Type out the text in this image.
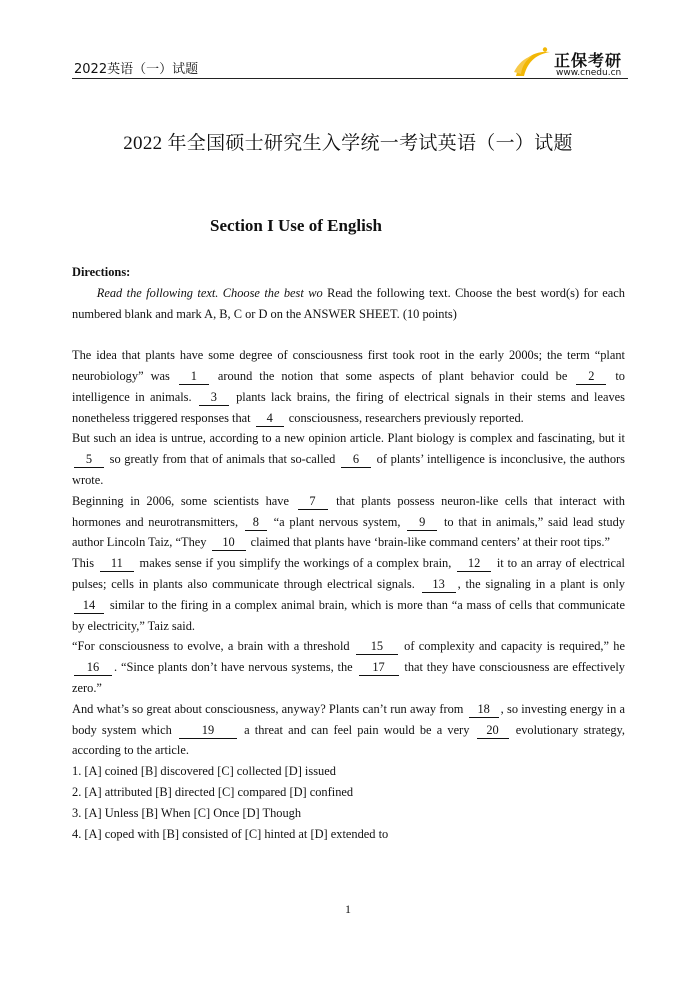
2022英语（一）试题	正保考研
www.cnedu.cn
2022 年全国硕士研究生入学统一考试英语（一）试题
Section I Use of English
Directions:
Read the following text. Choose the best wo Read the following text. Choose the best word(s) for each numbered blank and mark A, B, C or D on the ANSWER SHEET. (10 points)

The idea that plants have some degree of consciousness first took root in the early 2000s; the term “plant neurobiology” was 1 around the notion that some aspects of plant behavior could be 2 to intelligence in animals. 3 plants lack brains, the firing of electrical signals in their stems and leaves nonetheless triggered responses that 4 consciousness, researchers previously reported.

But such an idea is untrue, according to a new opinion article. Plant biology is complex and fascinating, but it 5 so greatly from that of animals that so-called 6 of plants’ intelligence is inconclusive, the authors wrote.

Beginning in 2006, some scientists have 7 that plants possess neuron-like cells that interact with hormones and neurotransmitters, 8 “a plant nervous system, 9 to that in animals,” said lead study author Lincoln Taiz, “They 10 claimed that plants have ‘brain-like command centers’ at their root tips.”

This 11 makes sense if you simplify the workings of a complex brain, 12 it to an array of electrical pulses; cells in plants also communicate through electrical signals. 13 , the signaling in a plant is only 14 similar to the firing in a complex animal brain, which is more than “a mass of cells that communicate by electricity,” Taiz said.

“For consciousness to evolve, a brain with a threshold 15 of complexity and capacity is required,” he 16 . “Since plants don’t have nervous systems, the 17 that they have consciousness are effectively zero.”

And what’s so great about consciousness, anyway? Plants can’t run away from 18 , so investing energy in a body system which 19 a threat and can feel pain would be a very 20 evolutionary strategy, according to the article.

1. [A] coined [B] discovered [C] collected [D] issued

2. [A] attributed [B] directed [C] compared [D] confined

3. [A] Unless [B] When [C] Once [D] Though

4. [A] coped with [B] consisted of [C] hinted at [D] extended to

1
